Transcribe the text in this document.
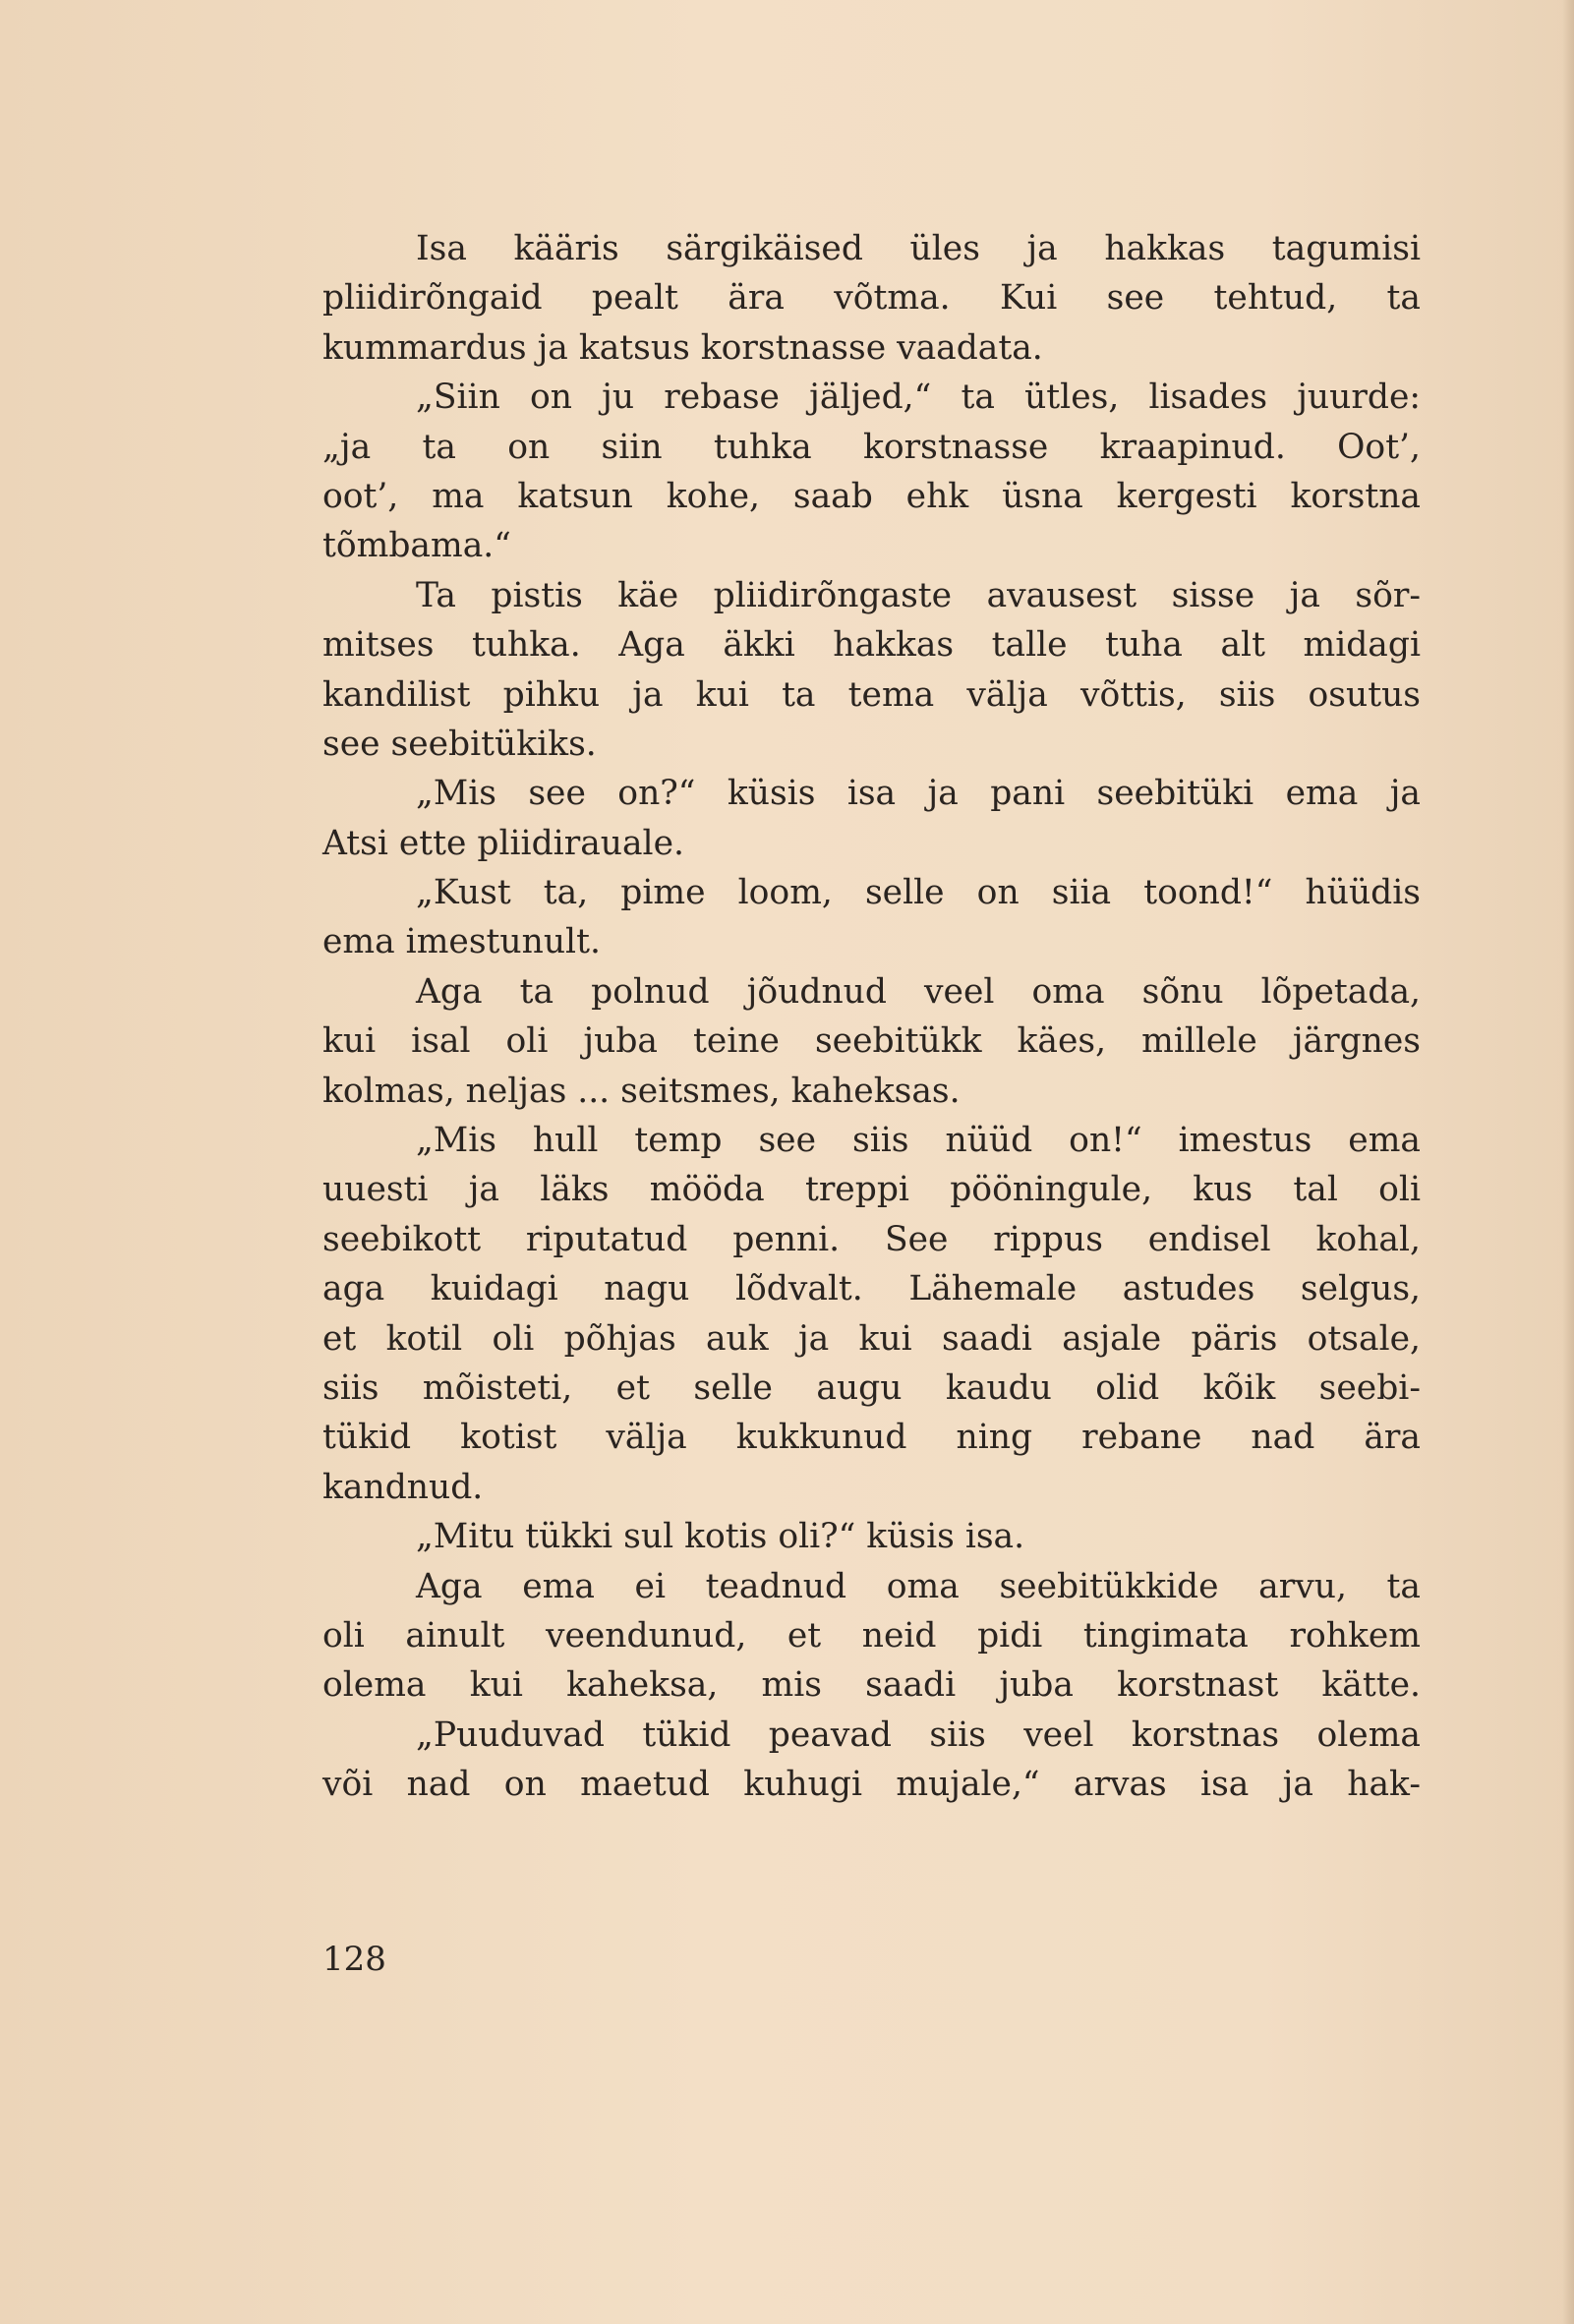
Isa kääris särgikäised üles ja hakkas tagumisi
pliidirõngaid pealt ära võtma. Kui see tehtud, ta
kummardus ja katsus korstnasse vaadata.
„Siin on ju rebase jäljed,“ ta ütles, lisades juurde:
„ja ta on siin tuhka korstnasse kraapinud. Oot’,
oot’, ma katsun kohe, saab ehk üsna kergesti korstna
tõmbama.“
Ta pistis käe pliidirõngaste avausest sisse ja sõr-
mitses tuhka. Aga äkki hakkas talle tuha alt midagi
kandilist pihku ja kui ta tema välja võttis, siis osutus
see seebitükiks.
„Mis see on?“ küsis isa ja pani seebitüki ema ja
Atsi ette pliidirauale.
„Kust ta, pime loom, selle on siia toond!“ hüüdis
ema imestunult.
Aga ta polnud jõudnud veel oma sõnu lõpetada,
kui isal oli juba teine seebitükk käes, millele järgnes
kolmas, neljas ... seitsmes, kaheksas.
„Mis hull temp see siis nüüd on!“ imestus ema
uuesti ja läks mööda treppi pööningule, kus tal oli
seebikott riputatud penni. See rippus endisel kohal,
aga kuidagi nagu lõdvalt. Lähemale astudes selgus,
et kotil oli põhjas auk ja kui saadi asjale päris otsale,
siis mõisteti, et selle augu kaudu olid kõik seebi-
tükid kotist välja kukkunud ning rebane nad ära
kandnud.
„Mitu tükki sul kotis oli?“ küsis isa.
Aga ema ei teadnud oma seebitükkide arvu, ta
oli ainult veendunud, et neid pidi tingimata rohkem
olema kui kaheksa, mis saadi juba korstnast kätte.
„Puuduvad tükid peavad siis veel korstnas olema
või nad on maetud kuhugi mujale,“ arvas isa ja hak-
128
